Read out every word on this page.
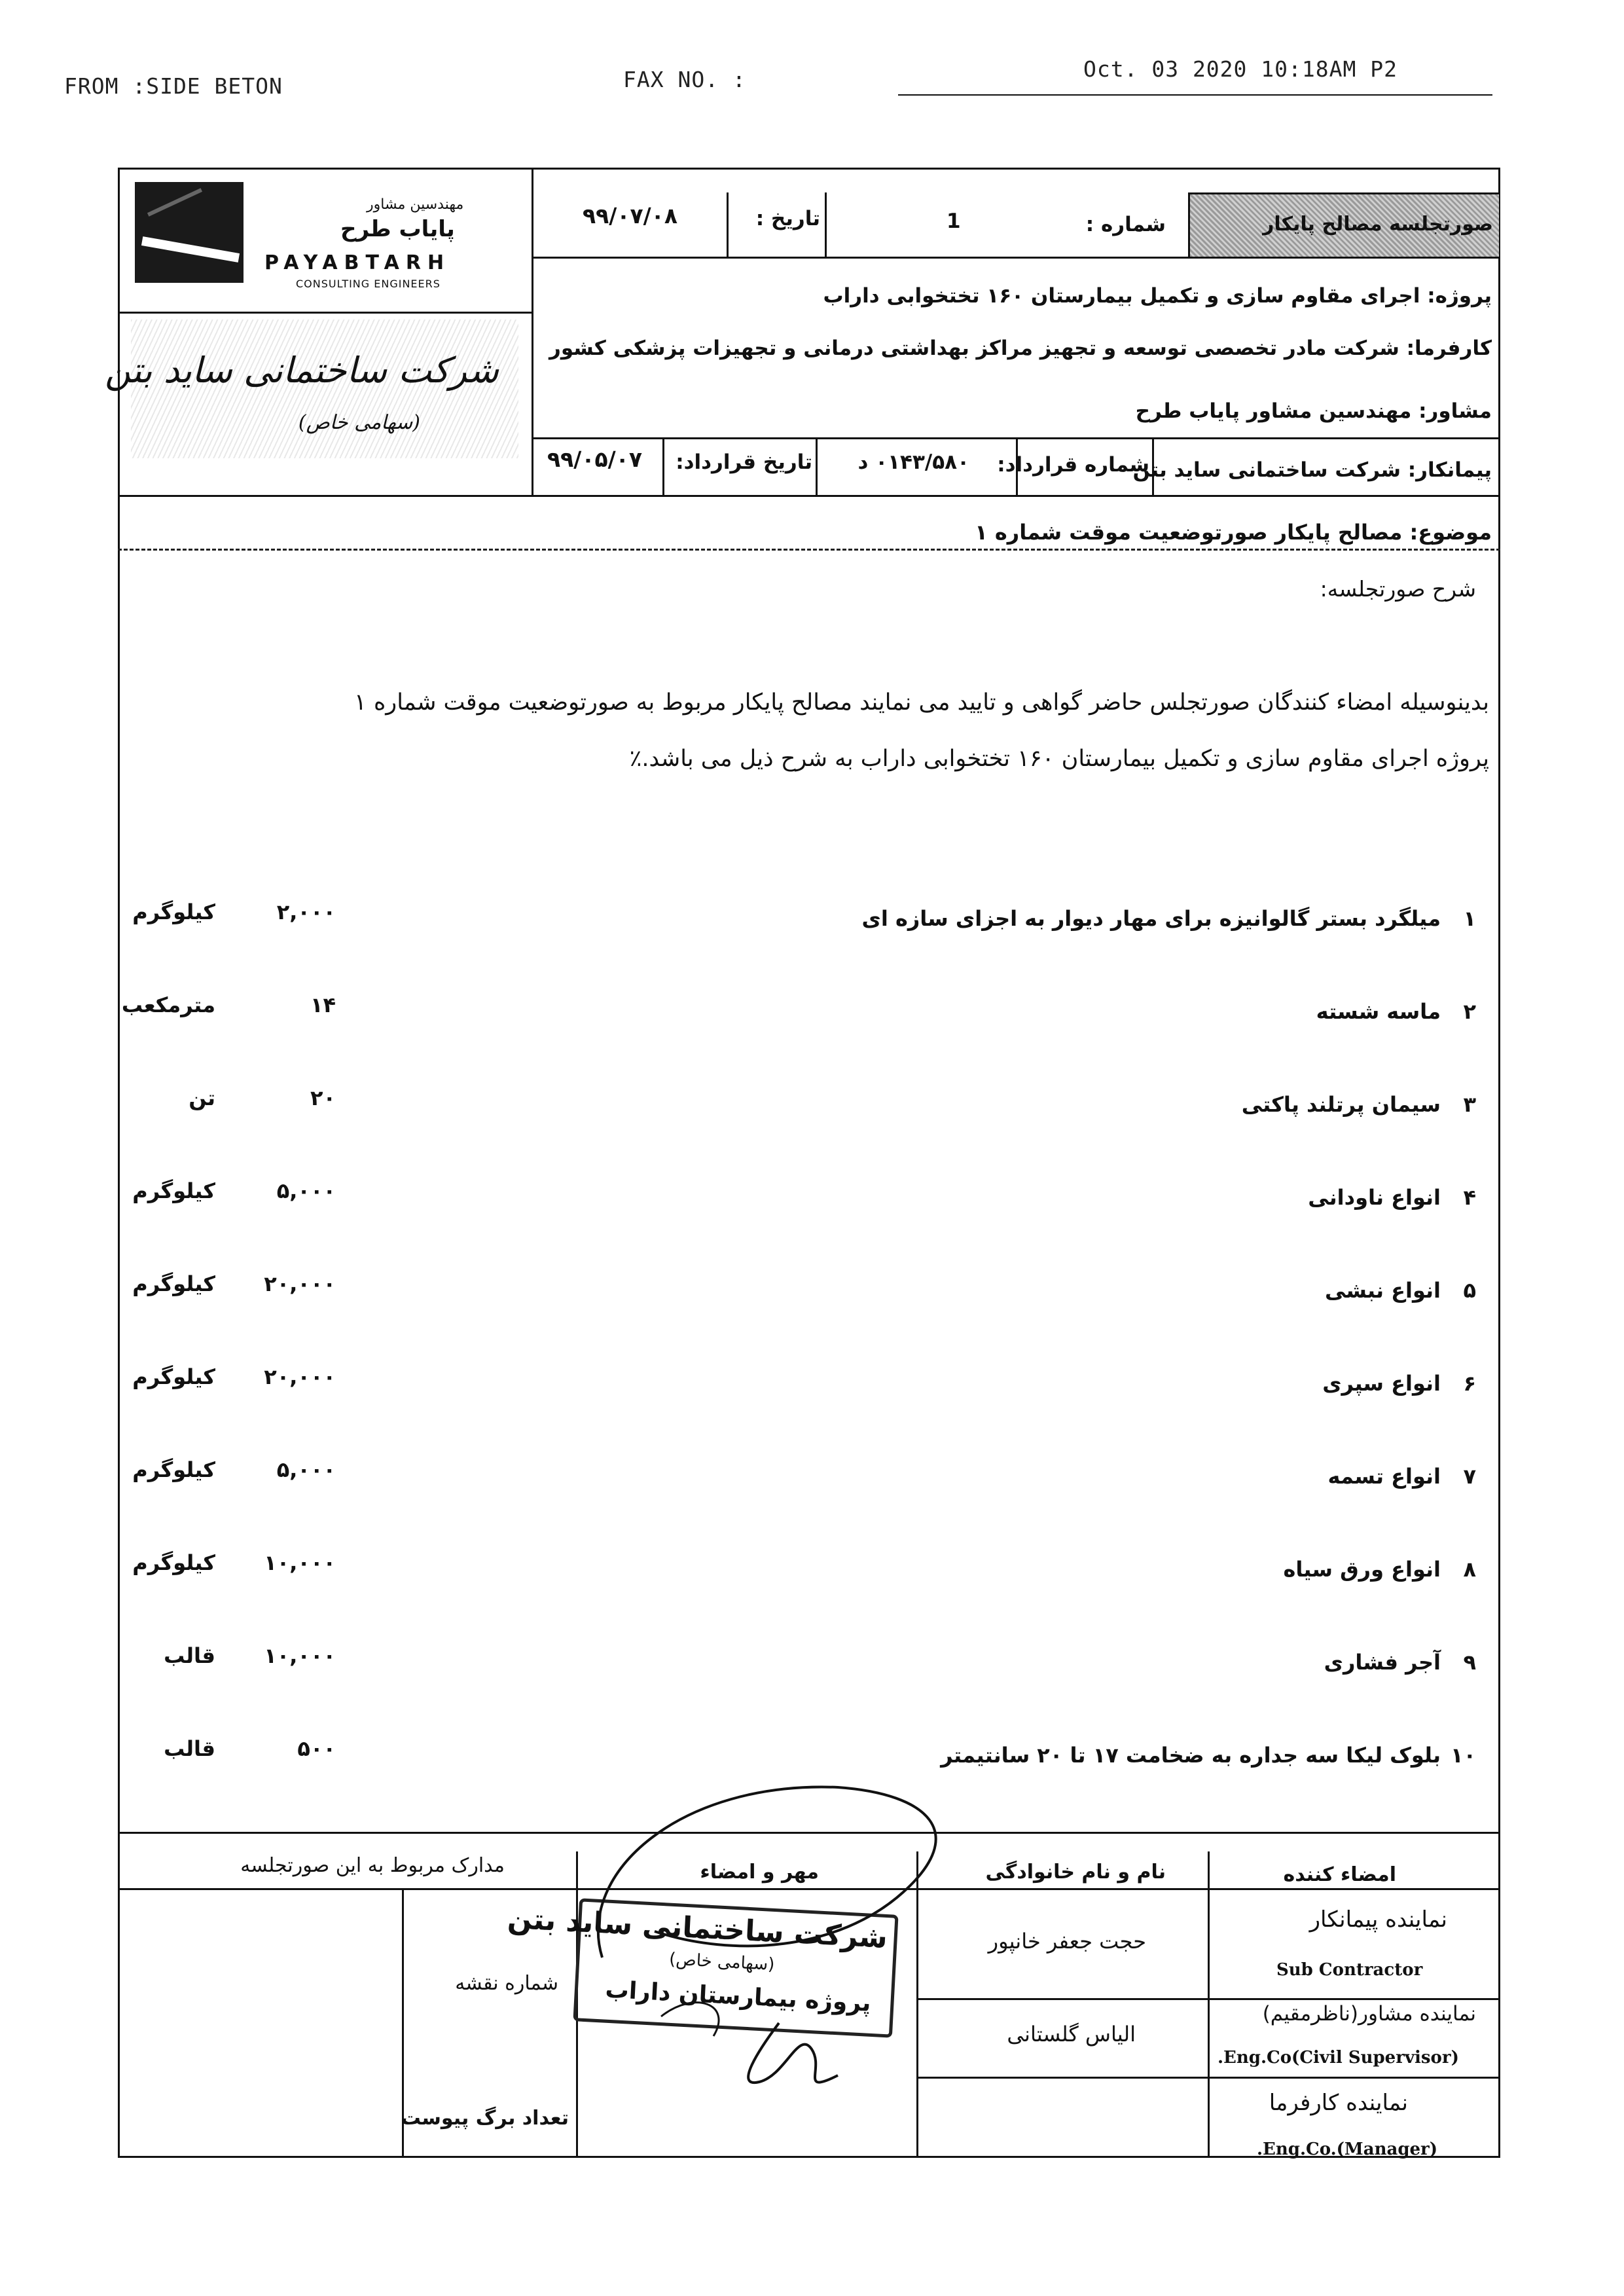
FROM :SIDE BETON	FAX NO. :	Oct. 03 2020 10:18AM P2
صورتجلسه مصالح پایکار
شماره :
1
تاریخ :
۹۹/۰۷/۰۸
پروژه: اجرای مقاوم سازی و تکمیل بیمارستان ۱۶۰ تختخوابی داراب
کارفرما: شرکت مادر تخصصی توسعه و تجهیز مراکز بهداشتی درمانی و تجهیزات پزشکی کشور
مشاور: مهندسین مشاور پایاب طرح
پیمانکار: شرکت ساختمانی ساید بتن
شماره قرارداد:
۰۱۴۳/۵۸۰ د
تاریخ قرارداد:
۹۹/۰۵/۰۷
مهندسین مشاور
پایاب طرح
PAYABTARH
CONSULTING ENGINEERS
شرکت ساختمانی ساید بتن
(سهامی خاص)
موضوع: مصالح پایکار صورتوضعیت موقت شماره ۱
شرح صورتجلسه:
بدینوسیله امضاء کنندگان صورتجلس حاضر گواهی و تایید می نمایند مصالح پایکار مربوط به صورتوضعیت موقت شماره ۱
پروژه اجرای مقاوم سازی و تکمیل بیمارستان ۱۶۰ تختخوابی داراب به شرح ذیل می باشد.٪
۱
میلگرد بستر گالوانیزه برای مهار دیوار به اجزای سازه ای
۲,۰۰۰
کیلوگرم
۲
ماسه شسته
۱۴
مترمکعب
۳
سیمان پرتلند پاکتی
۲۰
تن
۴
انواع ناودانی
۵,۰۰۰
کیلوگرم
۵
انواع نبشی
۲۰,۰۰۰
کیلوگرم
۶
انواع سپری
۲۰,۰۰۰
کیلوگرم
۷
انواع تسمه
۵,۰۰۰
کیلوگرم
۸
انواع ورق سیاه
۱۰,۰۰۰
کیلوگرم
۹
آجر فشاری
۱۰,۰۰۰
قالب
۱۰
بلوک لیکا سه جداره به ضخامت ۱۷ تا ۲۰ سانتیمتر
۵۰۰
قالب
امضاء کننده
نام و نام خانوادگی
مهر و امضاء
مدارک مربوط به این صورتجلسه
نماینده پیمانکار
Sub Contractor
حجت جعفر خانپور
نماینده مشاور(ناظرمقیم)
.Eng.Co(Civil Supervisor)
الیاس گلستانی
نماینده کارفرما
.Eng.Co.(Manager)
شماره نقشه
تعداد برگ پیوست
شرکت ساختمانی ساید بتن
(سهامی خاص)
پروژه بیمارستان داراب
